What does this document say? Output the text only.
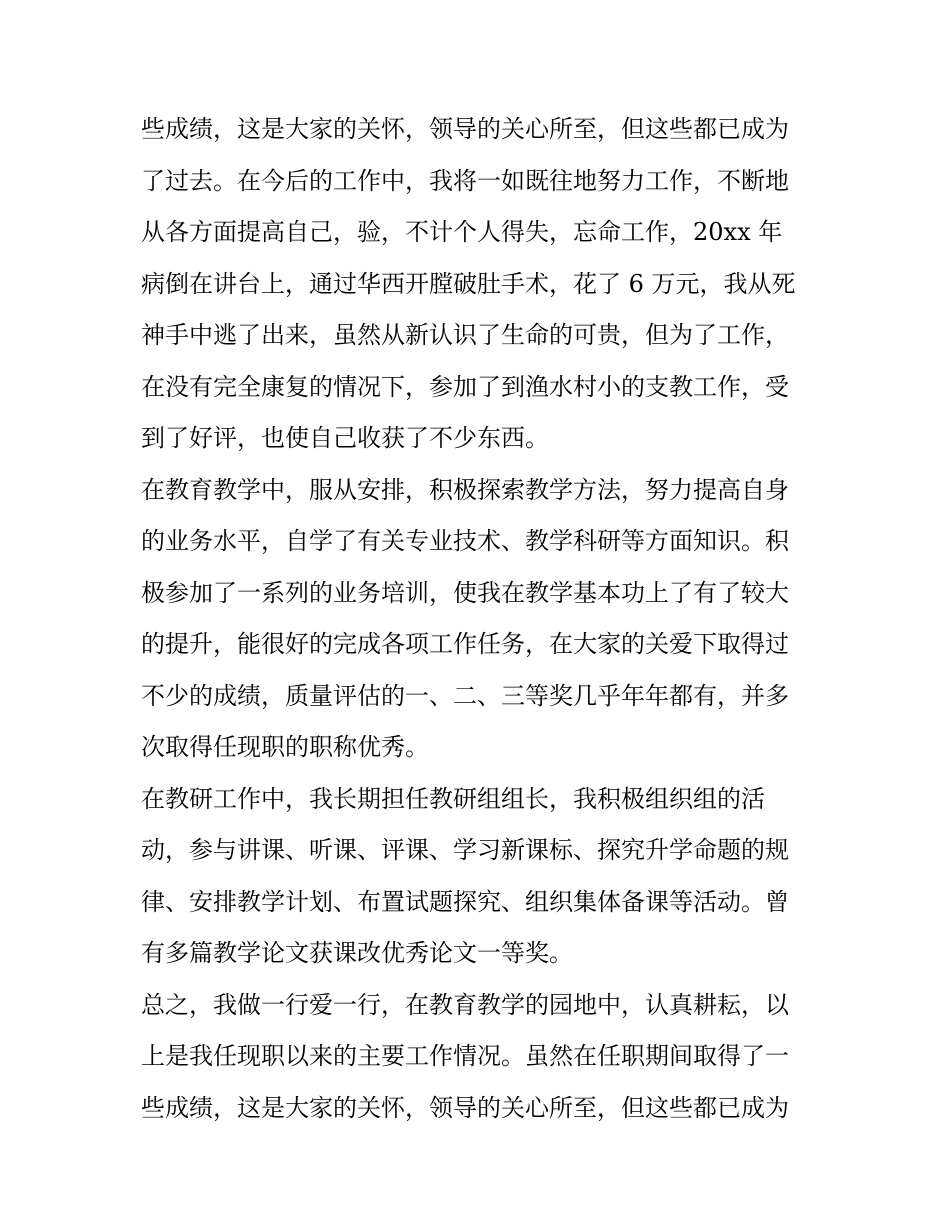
些成绩，这是大家的关怀，领导的关心所至，但这些都已成为
了过去。在今后的工作中，我将一如既往地努力工作，不断地
从各方面提高自己，验，不计个人得失，忘命工作，20xx 年
病倒在讲台上，通过华西开膛破肚手术，花了 6 万元，我从死
神手中逃了出来，虽然从新认识了生命的可贵，但为了工作，
在没有完全康复的情况下，参加了到渔水村小的支教工作，受
到了好评，也使自己收获了不少东西。
在教育教学中，服从安排，积极探索教学方法，努力提高自身
的业务水平，自学了有关专业技术、教学科研等方面知识。积
极参加了一系列的业务培训，使我在教学基本功上了有了较大
的提升，能很好的完成各项工作任务，在大家的关爱下取得过
不少的成绩，质量评估的一、二、三等奖几乎年年都有，并多
次取得任现职的职称优秀。
在教研工作中，我长期担任教研组组长，我积极组织组的活
动，参与讲课、听课、评课、学习新课标、探究升学命题的规
律、安排教学计划、布置试题探究、组织集体备课等活动。曾
有多篇教学论文获课改优秀论文一等奖。
总之，我做一行爱一行，在教育教学的园地中，认真耕耘，以
上是我任现职以来的主要工作情况。虽然在任职期间取得了一
些成绩，这是大家的关怀，领导的关心所至，但这些都已成为
